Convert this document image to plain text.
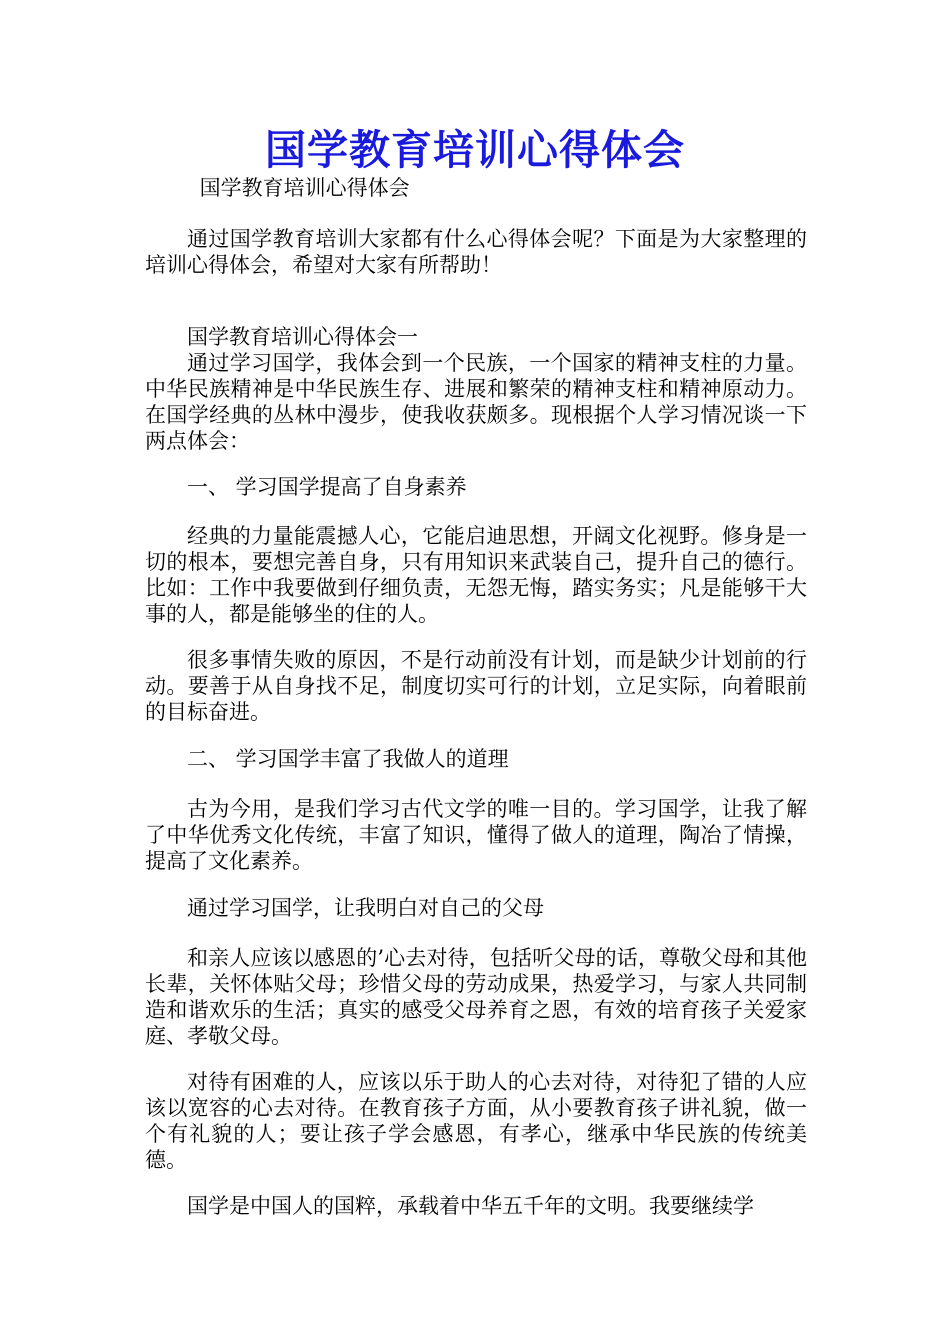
国学教育培训心得体会

国学教育培训心得体会

通过国学教育培训大家都有什么心得体会呢？下面是为大家整理的培训心得体会，希望对大家有所帮助！

国学教育培训心得体会一

通过学习国学，我体会到一个民族，一个国家的精神支柱的力量。中华民族精神是中华民族生存、进展和繁荣的精神支柱和精神原动力。在国学经典的丛林中漫步，使我收获颇多。现根据个人学习情况谈一下两点体会：

一、 学习国学提高了自身素养

经典的力量能震撼人心，它能启迪思想，开阔文化视野。修身是一切的根本，要想完善自身，只有用知识来武装自己，提升自己的德行。比如：工作中我要做到仔细负责，无怨无悔，踏实务实；凡是能够干大事的人，都是能够坐的住的人。

很多事情失败的原因，不是行动前没有计划，而是缺少计划前的行动。要善于从自身找不足，制度切实可行的计划，立足实际，向着眼前的目标奋进。

二、 学习国学丰富了我做人的道理

古为今用，是我们学习古代文学的唯一目的。学习国学，让我了解了中华优秀文化传统，丰富了知识，懂得了做人的道理，陶冶了情操，提高了文化素养。

通过学习国学，让我明白对自己的父母

和亲人应该以感恩的’心去对待，包括听父母的话，尊敬父母和其他长辈，关怀体贴父母；珍惜父母的劳动成果，热爱学习，与家人共同制造和谐欢乐的生活；真实的感受父母养育之恩，有效的培育孩子关爱家庭、孝敬父母。

对待有困难的人，应该以乐于助人的心去对待，对待犯了错的人应该以宽容的心去对待。在教育孩子方面，从小要教育孩子讲礼貌，做一个有礼貌的人；要让孩子学会感恩，有孝心，继承中华民族的传统美德。

国学是中国人的国粹，承载着中华五千年的文明。我要继续学
